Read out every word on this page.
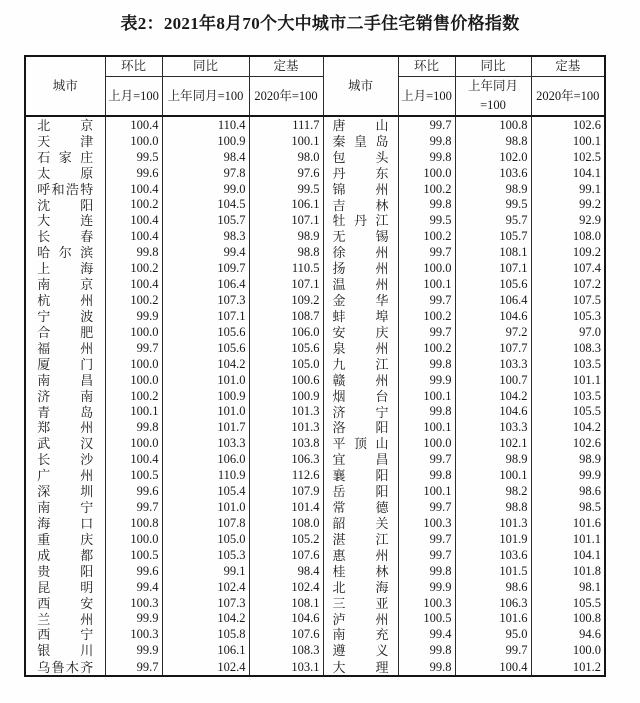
表2：2021年8月70个大中城市二手住宅销售价格指数
城市	环比	同比	定基	城市	环比	同比	定基
	上月=100	上年同月=100	2020年=100		上月=100	上年同月=100	2020年=100
北京	100.4	110.4	111.7	唐山	99.7	100.8	102.6
天津	100.0	100.9	100.1	秦皇岛	99.8	98.8	100.1
石家庄	99.5	98.4	98.0	包头	99.8	102.0	102.5
太原	99.6	97.8	97.6	丹东	100.0	103.6	104.1
呼和浩特	100.4	99.0	99.5	锦州	100.2	98.9	99.1
沈阳	100.2	104.5	106.1	吉林	99.8	99.5	99.2
大连	100.4	105.7	107.1	牡丹江	99.5	95.7	92.9
长春	100.4	98.3	98.9	无锡	100.2	105.7	108.0
哈尔滨	99.8	99.4	98.8	徐州	99.7	108.1	109.2
上海	100.2	109.7	110.5	扬州	100.0	107.1	107.4
南京	100.4	106.4	107.1	温州	100.1	105.6	107.2
杭州	100.2	107.3	109.2	金华	99.7	106.4	107.5
宁波	99.9	107.1	108.7	蚌埠	100.2	104.6	105.3
合肥	100.0	105.6	106.0	安庆	99.7	97.2	97.0
福州	99.7	105.6	105.6	泉州	100.2	107.7	108.3
厦门	100.0	104.2	105.0	九江	99.8	103.3	103.5
南昌	100.0	101.0	100.6	赣州	99.9	100.7	101.1
济南	100.2	100.9	100.9	烟台	100.1	104.2	103.5
青岛	100.1	101.0	101.3	济宁	99.8	104.6	105.5
郑州	99.8	101.7	101.3	洛阳	100.1	103.3	104.2
武汉	100.0	103.3	103.8	平顶山	100.0	102.1	102.6
长沙	100.4	106.0	106.3	宜昌	99.7	98.9	98.9
广州	100.5	110.9	112.6	襄阳	99.8	100.1	99.9
深圳	99.6	105.4	107.9	岳阳	100.1	98.2	98.6
南宁	99.7	101.0	101.4	常德	99.7	98.8	98.5
海口	100.8	107.8	108.0	韶关	100.3	101.3	101.6
重庆	100.0	105.0	105.2	湛江	99.7	101.9	101.1
成都	100.5	105.3	107.6	惠州	99.7	103.6	104.1
贵阳	99.6	99.1	98.4	桂林	99.8	101.5	101.8
昆明	99.4	102.4	102.4	北海	99.9	98.6	98.1
西安	100.3	107.3	108.1	三亚	100.3	106.3	105.5
兰州	99.9	104.2	104.6	泸州	100.5	101.6	100.8
西宁	100.3	105.8	107.6	南充	99.4	95.0	94.6
银川	99.9	106.1	108.3	遵义	99.8	99.7	100.0
乌鲁木齐	99.7	102.4	103.1	大理	99.8	100.4	101.2
